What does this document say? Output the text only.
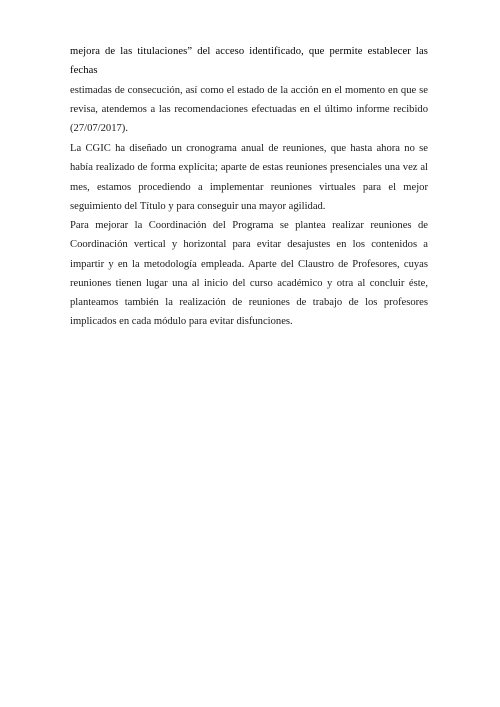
mejora de las titulaciones” del acceso identificado, que permite establecer las fechas
estimadas de consecución, así como el estado de la acción en el momento en que se revisa, atendemos a las recomendaciones efectuadas en el último informe recibido (27/07/2017).
La CGIC ha diseñado un cronograma anual de reuniones, que hasta ahora no se había realizado de forma explícita; aparte de estas reuniones presenciales una vez al mes, estamos procediendo a implementar reuniones virtuales para el mejor seguimiento del Título y para conseguir una mayor agilidad.
Para mejorar la Coordinación del Programa se plantea realizar reuniones de Coordinación vertical y horizontal para evitar desajustes en los contenidos a impartir y en la metodología empleada. Aparte del Claustro de Profesores, cuyas reuniones tienen lugar una al inicio del curso académico y otra al concluir éste, planteamos también la realización de reuniones de trabajo de los profesores implicados en cada módulo para evitar disfunciones.
